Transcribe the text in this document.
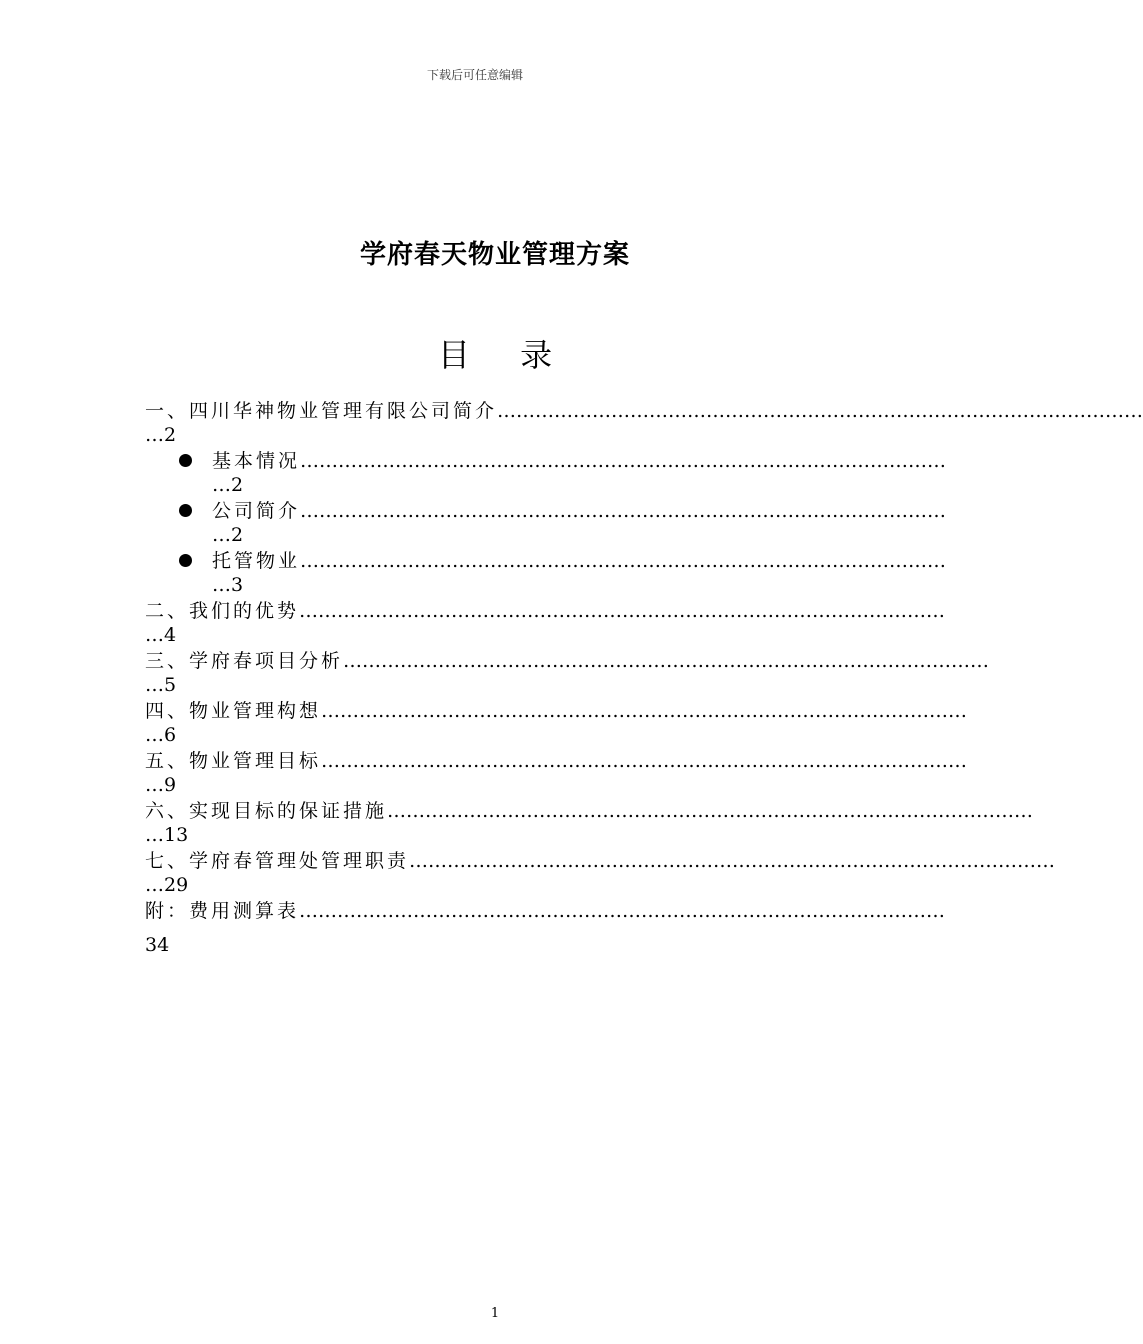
下载后可任意编辑
学府春天物业管理方案
目 录
一、四川华神物业管理有限公司简介 …………………………………………………………………………………………
…2
基本情况 …………………………………………………………………………………………
…2
公司简介 …………………………………………………………………………………………
…2
托管物业 …………………………………………………………………………………………
…3
二、我们的优势 …………………………………………………………………………………………
…4
三、学府春项目分析 …………………………………………………………………………………………
…5
四、物业管理构想 …………………………………………………………………………………………
…6
五、物业管理目标 …………………………………………………………………………………………
…9
六、实现目标的保证措施 …………………………………………………………………………………………
…13
七、学府春管理处管理职责 …………………………………………………………………………………………
…29
附：费用测算表 …………………………………………………………………………………………
34
1
